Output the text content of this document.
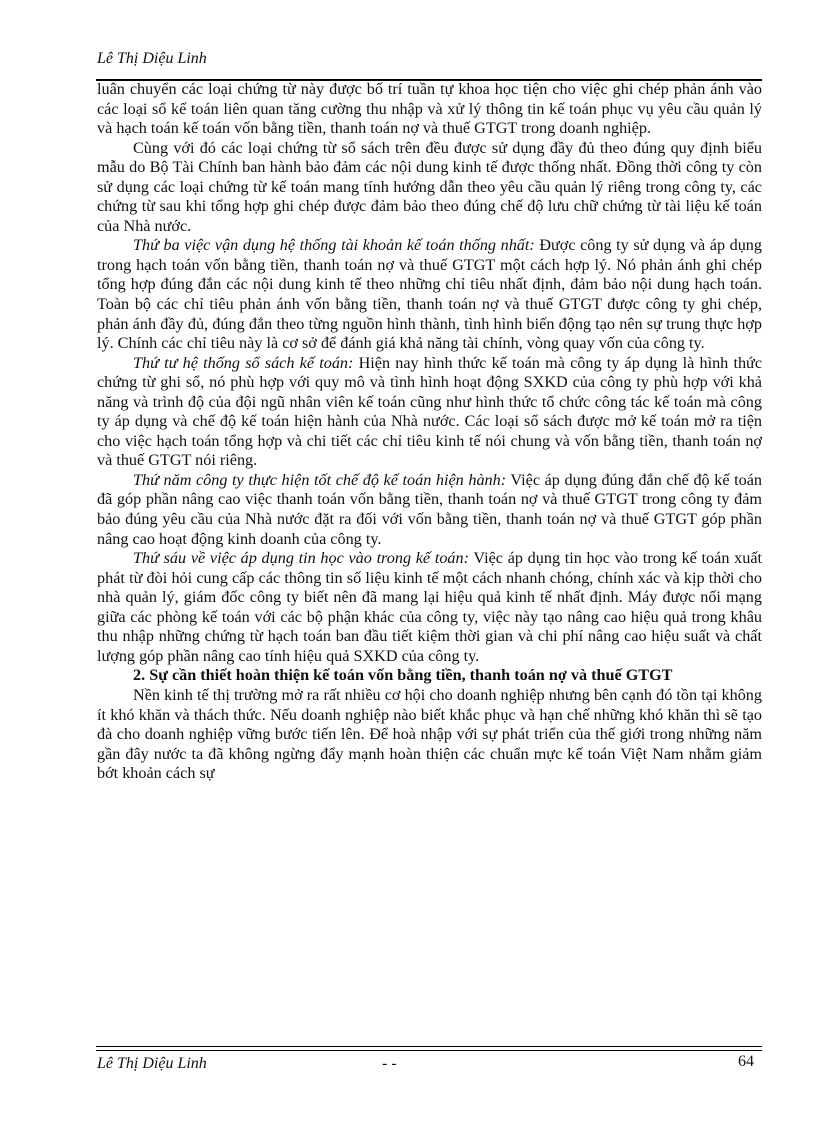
Lê Thị Diệu Linh

luân chuyển các loại chứng từ này được bố trí tuần tự khoa học tiện cho việc ghi chép phản ánh vào các loại sổ kế toán liên quan tăng cường thu nhập và xử lý thông tin kế toán phục vụ yêu cầu quản lý và hạch toán kế toán vốn bằng tiền, thanh toán nợ và thuế GTGT trong doanh nghiệp.

Cùng với đó các loại chứng từ sổ sách trên đều được sử dụng đầy đủ theo đúng quy định biểu mẫu do Bộ Tài Chính ban hành bảo đảm các nội dung kinh tế được thống nhất. Đồng thời công ty còn sử dụng các loại chứng từ kế toán mang tính hướng dẫn theo yêu cầu quản lý riêng trong công ty, các chứng từ sau khi tổng hợp ghi chép được đảm bảo theo đúng chế độ lưu chữ chứng từ tài liệu kế toán của Nhà nước.

Thứ ba việc vận dụng hệ thống tài khoản kế toán thống nhất: Được công ty sử dụng và áp dụng trong hạch toán vốn bằng tiền, thanh toán nợ và thuế GTGT một cách hợp lý. Nó phản ánh ghi chép tổng hợp đúng đắn các nội dung kinh tế theo những chỉ tiêu nhất định, đảm bảo nội dung hạch toán. Toàn bộ các chỉ tiêu phản ánh vốn bằng tiền, thanh toán nợ và thuế GTGT được công ty ghi chép, phản ánh đầy đủ, đúng đắn theo từng nguồn hình thành, tình hình biến động tạo nên sự trung thực hợp lý. Chính các chỉ tiêu này là cơ sở để đánh giá khả năng tài chính, vòng quay vốn của công ty.

Thứ tư hệ thống sổ sách kế toán: Hiện nay hình thức kế toán mà công ty áp dụng là hình thức chứng từ ghi sổ, nó phù hợp với quy mô và tình hình hoạt động SXKD của công ty phù hợp với khả năng và trình độ của đội ngũ nhân viên kế toán cũng như hình thức tổ chức công tác kế toán mà công ty áp dụng và chế độ kế toán hiện hành của Nhà nước. Các loại sổ sách được mở kế toán mở ra tiện cho việc hạch toán tổng hợp và chi tiết các chỉ tiêu kinh tế nói chung và vốn bằng tiền, thanh toán nợ và thuế GTGT nói riêng.

Thứ năm công ty thực hiện tốt chế độ kế toán hiện hành: Việc áp dụng đúng đắn chế độ kế toán đã góp phần nâng cao việc thanh toán vốn bằng tiền, thanh toán nợ và thuế GTGT trong công ty đảm bảo đúng yêu cầu của Nhà nước đặt ra đối với vốn bằng tiền, thanh toán nợ và thuế GTGT góp phần nâng cao hoạt động kinh doanh của công ty.

Thứ sáu về việc áp dụng tin học vào trong kế toán: Việc áp dụng tin học vào trong kế toán xuất phát từ đòi hỏi cung cấp các thông tin số liệu kinh tế một cách nhanh chóng, chính xác và kịp thời cho nhà quản lý, giám đốc công ty biết nên đã mang lại hiệu quả kinh tế nhất định. Máy được nối mạng giữa các phòng kế toán với các bộ phận khác của công ty, việc này tạo nâng cao hiệu quả trong khâu thu nhập những chứng từ hạch toán ban đầu tiết kiệm thời gian và chi phí nâng cao hiệu suất và chất lượng góp phần nâng cao tính hiệu quả SXKD của công ty.

2. Sự cần thiết hoàn thiện kế toán vốn bằng tiền, thanh toán nợ và thuế GTGT

Nền kinh tế thị trường mở ra rất nhiều cơ hội cho doanh nghiệp nhưng bên cạnh đó tồn tại không ít khó khăn và thách thức. Nếu doanh nghiệp nào biết khắc phục và hạn chế những khó khăn thì sẽ tạo đà cho doanh nghiệp vững bước tiến lên. Để hoà nhập với sự phát triển của thế giới trong những năm gần đây nước ta đã không ngừng đẩy mạnh hoàn thiện các chuẩn mực kế toán Việt Nam nhằm giảm bớt khoản cách sự

Lê Thị Diệu Linh	- -	64
